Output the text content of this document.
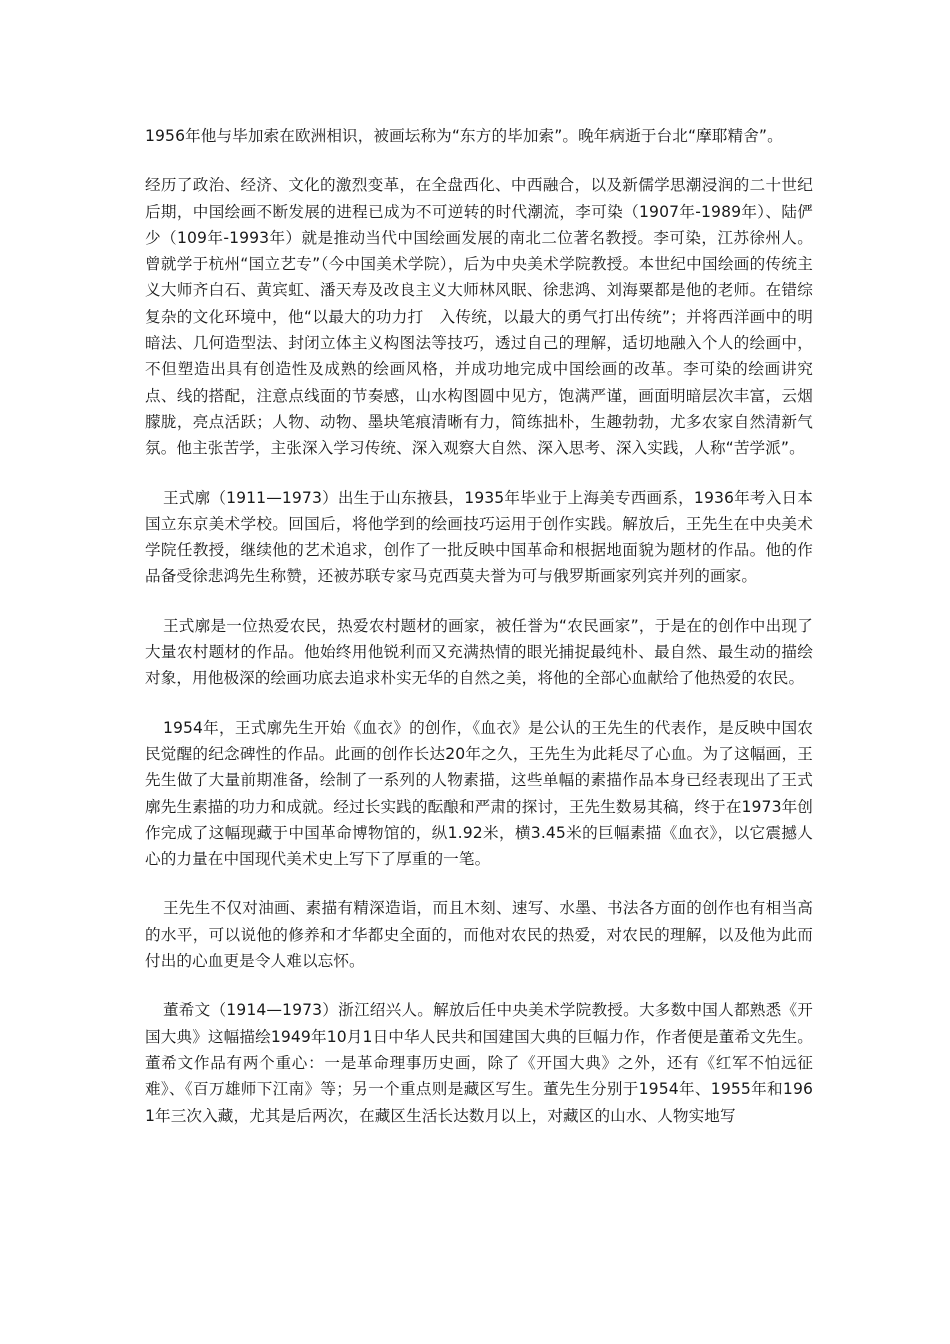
1956年他与毕加索在欧洲相识，被画坛称为“东方的毕加索”。晚年病逝于台北“摩耶精舍”。

经历了政治、经济、文化的激烈变革，在全盘西化、中西融合，以及新儒学思潮浸润的二十世纪后期，中国绘画不断发展的进程已成为不可逆转的时代潮流，李可染（1907年-1989年）、陆俨少（109年-1993年）就是推动当代中国绘画发展的南北二位著名教授。李可染，江苏徐州人。曾就学于杭州“国立艺专”（今中国美术学院），后为中央美术学院教授。本世纪中国绘画的传统主义大师齐白石、黄宾虹、潘天寿及改良主义大师林风眠、徐悲鸿、刘海粟都是他的老师。在错综复杂的文化环境中，他“以最大的功力打　入传统，以最大的勇气打出传统”；并将西洋画中的明暗法、几何造型法、封闭立体主义构图法等技巧，透过自己的理解，适切地融入个人的绘画中，不但塑造出具有创造性及成熟的绘画风格，并成功地完成中国绘画的改革。李可染的绘画讲究点、线的搭配，注意点线面的节奏感，山水构图圆中见方，饱满严谨，画面明暗层次丰富，云烟朦胧，亮点活跃；人物、动物、墨块笔痕清晰有力，简练拙朴，生趣勃勃，尤多农家自然清新气氛。他主张苦学，主张深入学习传统、深入观察大自然、深入思考、深入实践，人称“苦学派”。

王式廓（1911—1973）出生于山东掖县，1935年毕业于上海美专西画系，1936年考入日本国立东京美术学校。回国后，将他学到的绘画技巧运用于创作实践。解放后，王先生在中央美术学院任教授，继续他的艺术追求，创作了一批反映中国革命和根据地面貌为题材的作品。他的作品备受徐悲鸿先生称赞，还被苏联专家马克西莫夫誉为可与俄罗斯画家列宾并列的画家。

王式廓是一位热爱农民，热爱农村题材的画家，被任誉为“农民画家”，于是在的创作中出现了大量农村题材的作品。他始终用他锐利而又充满热情的眼光捕捉最纯朴、最自然、最生动的描绘对象，用他极深的绘画功底去追求朴实无华的自然之美，将他的全部心血献给了他热爱的农民。

1954年，王式廓先生开始《血衣》的创作，《血衣》是公认的王先生的代表作，是反映中国农民觉醒的纪念碑性的作品。此画的创作长达20年之久，王先生为此耗尽了心血。为了这幅画，王先生做了大量前期准备，绘制了一系列的人物素描，这些单幅的素描作品本身已经表现出了王式廓先生素描的功力和成就。经过长实践的酝酿和严肃的探讨，王先生数易其稿，终于在1973年创作完成了这幅现藏于中国革命博物馆的，纵1.92米，横3.45米的巨幅素描《血衣》，以它震撼人心的力量在中国现代美术史上写下了厚重的一笔。

王先生不仅对油画、素描有精深造诣，而且木刻、速写、水墨、书法各方面的创作也有相当高的水平，可以说他的修养和才华都史全面的，而他对农民的热爱，对农民的理解，以及他为此而付出的心血更是令人难以忘怀。

董希文（1914—1973）浙江绍兴人。解放后任中央美术学院教授。大多数中国人都熟悉《开国大典》这幅描绘1949年10月1日中华人民共和国建国大典的巨幅力作，作者便是董希文先生。董希文作品有两个重心：一是革命理事历史画，除了《开国大典》之外，还有《红军不怕远征难》、《百万雄师下江南》等；另一个重点则是藏区写生。董先生分别于1954年、1955年和1961年三次入藏，尤其是后两次，在藏区生活长达数月以上，对藏区的山水、人物实地写
